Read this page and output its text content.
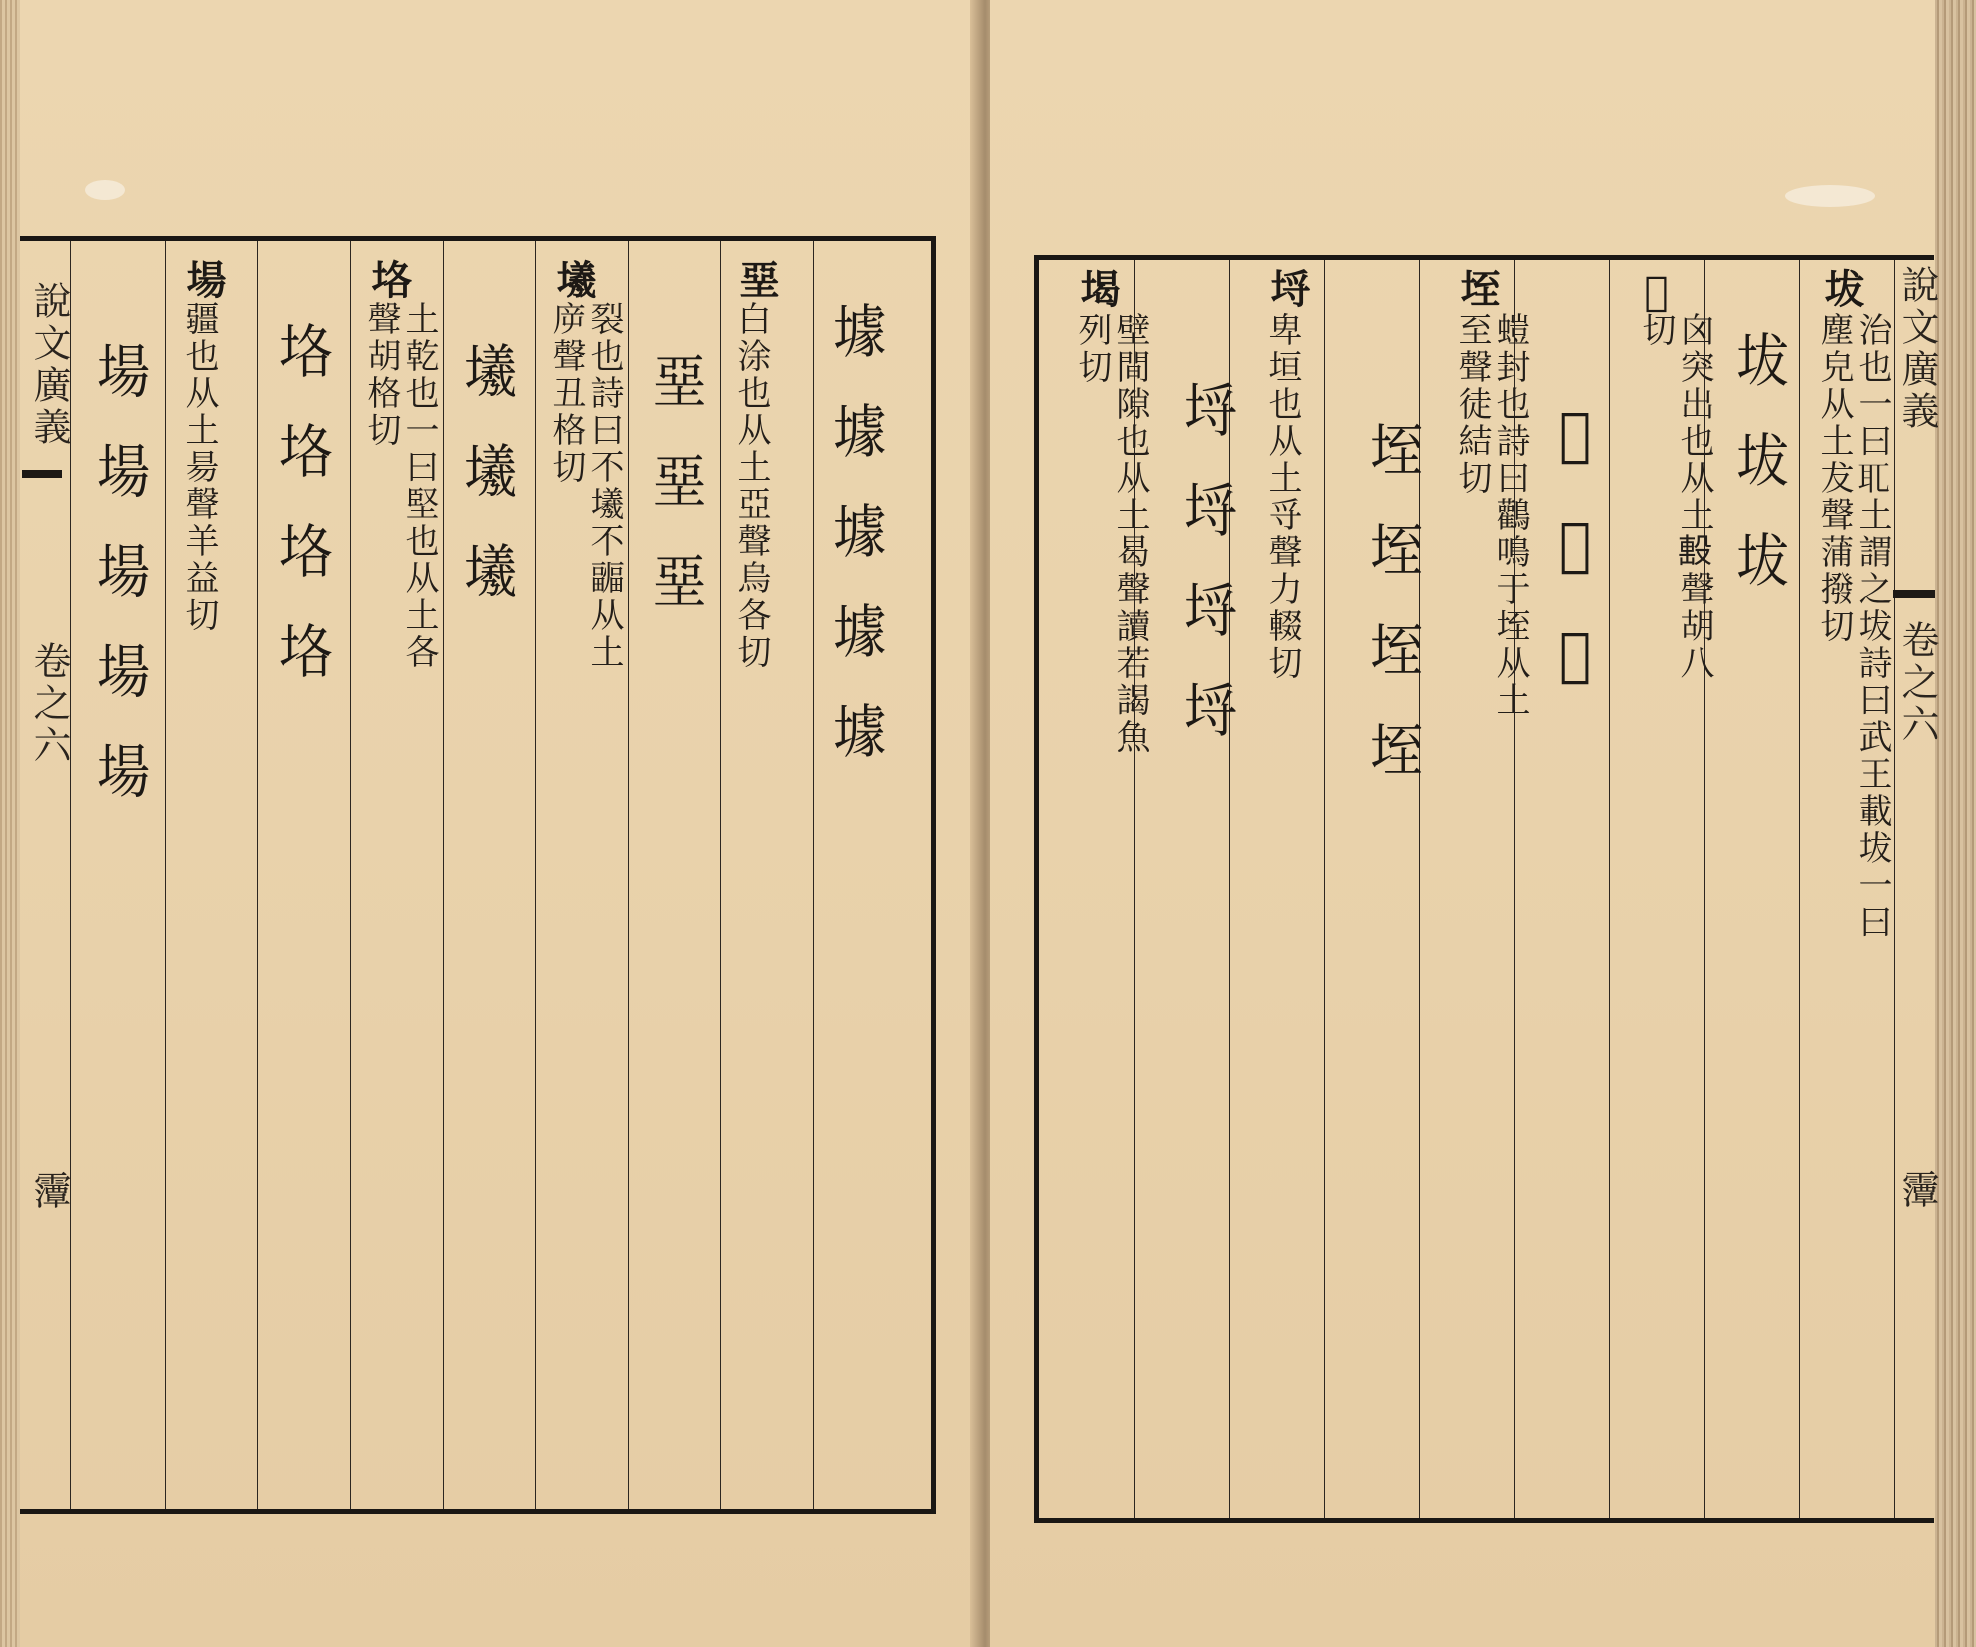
說文廣義
卷之六
䨵
堊
白涂也从土亞聲烏各切
堊堊堊 壉壉壉壉壉
㙿
裂也詩曰不㙿不疈从土㡿聲丑格切
㙿㙿㙿
垎
土乾也一曰堅也从土各聲胡格切
垎垎垎垎
場
疆也从土昜聲羊益切
場場場場場
坺
治也一曰𦔮土謂之坺詩曰武王載坺一曰塵皃从土犮聲蒲撥切
坺坺坺
𡋟
囟突出也从土𣪠聲胡八切
𡋟𡋟𡋟
垤
螘封也詩曰鸛鳴于垤从土至聲徒結切
垤垤垤垤
埒
卑垣也从土寽聲力輟切
埒埒埒埒
堨
壁間隙也从土曷聲讀若謁魚列切	說文廣義
卷之六
䨵
